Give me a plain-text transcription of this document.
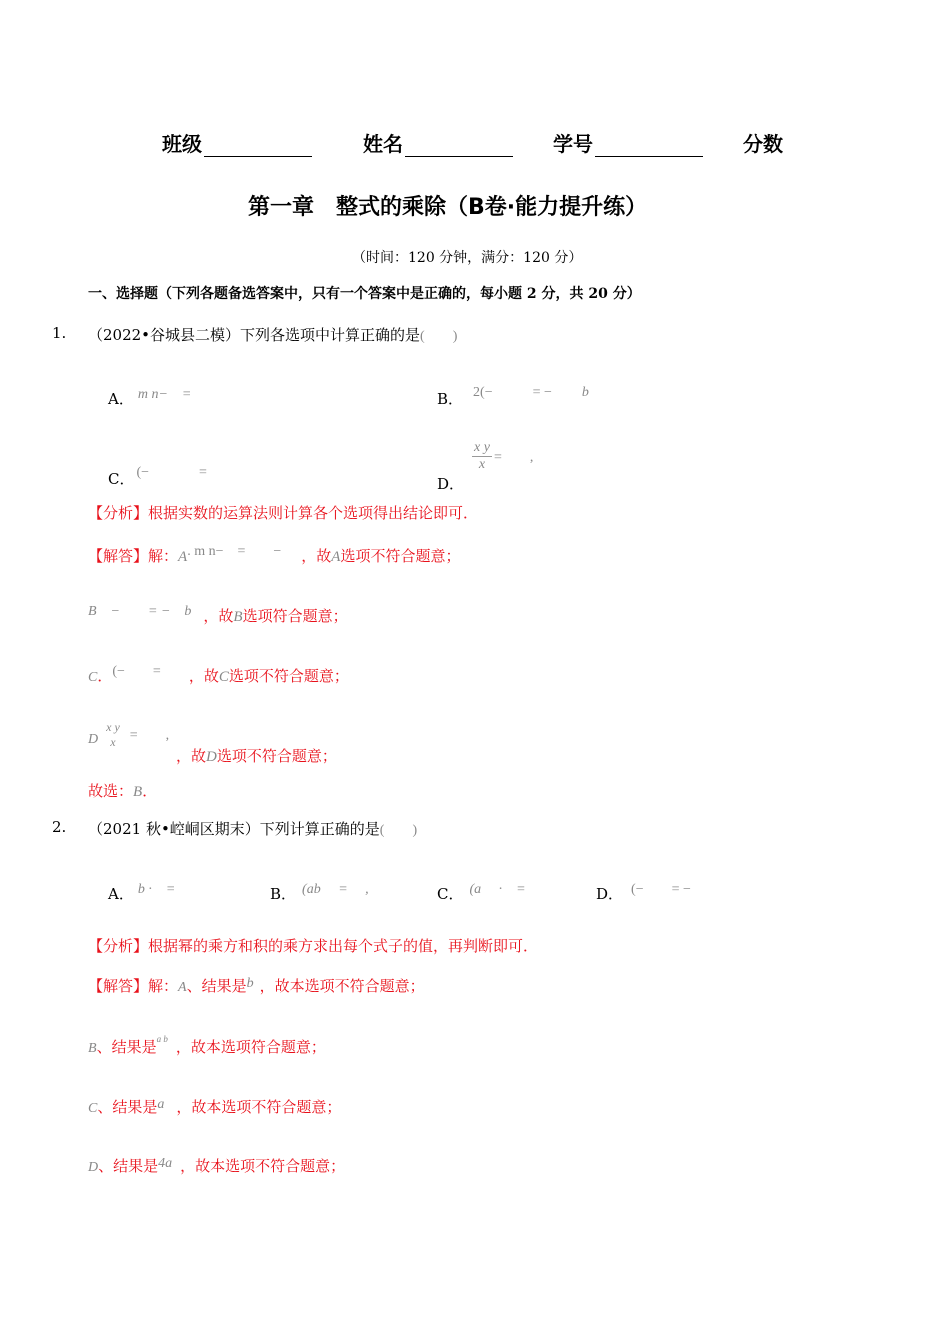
班级	姓名	学号	分数
第一章　整式的乘除（B卷·能力提升练）
（时间：120 分钟，满分：120 分）
一、选择题（下列各题备选答案中，只有一个答案中是正确的，每小题 2 分，共 20 分）
1. （2022•谷城县二模）下列各选项中计算正确的是(　　)
A． m n−　=	B． 2(−	= − b
C． (−	=
D．
$\frac{\text{x y}}{x}$ =　　,
【分析】根据实数的运算法则计算各个选项得出结论即可．
【解答】解：A. m n−　=　　− ，故A选项不符合题意；
B　−　　= −　b ，故B选项符合题意；
C．(−　　= ，故C选项不符合题意；
D
x y
x	=　　,
，故D选项不符合题意；
故选：B．
2. （2021 秋•崆峒区期末）下列计算正确的是(　　)
A． b ·　=	B． (ab　 =　 ,	C． (a　 ·　=	D． (−　　= −
【分析】根据幂的乘方和积的乘方求出每个式子的值，再判断即可．
【解答】解：A、结果是b ，故本选项不符合题意；
B、结果是$^{a b}$ ，故本选项符合题意；
C、结果是a ，故本选项不符合题意；
D、结果是4a ，故本选项不符合题意；
